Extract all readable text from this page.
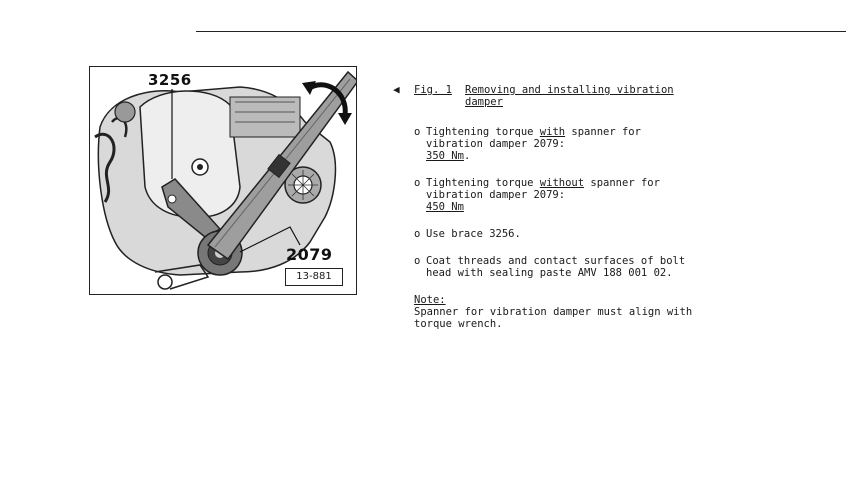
3256
2079
13-881
◀ Fig. 1 Removing and installing vibration
damper
o Tightening torque with spanner for
vibration damper 2079:
350 Nm.
o Tightening torque without spanner for
vibration damper 2079:
450 Nm
o Use brace 3256.
o Coat threads and contact surfaces of bolt
head with sealing paste AMV 188 001 02.
Note:
Spanner for vibration damper must align with
torque wrench.
